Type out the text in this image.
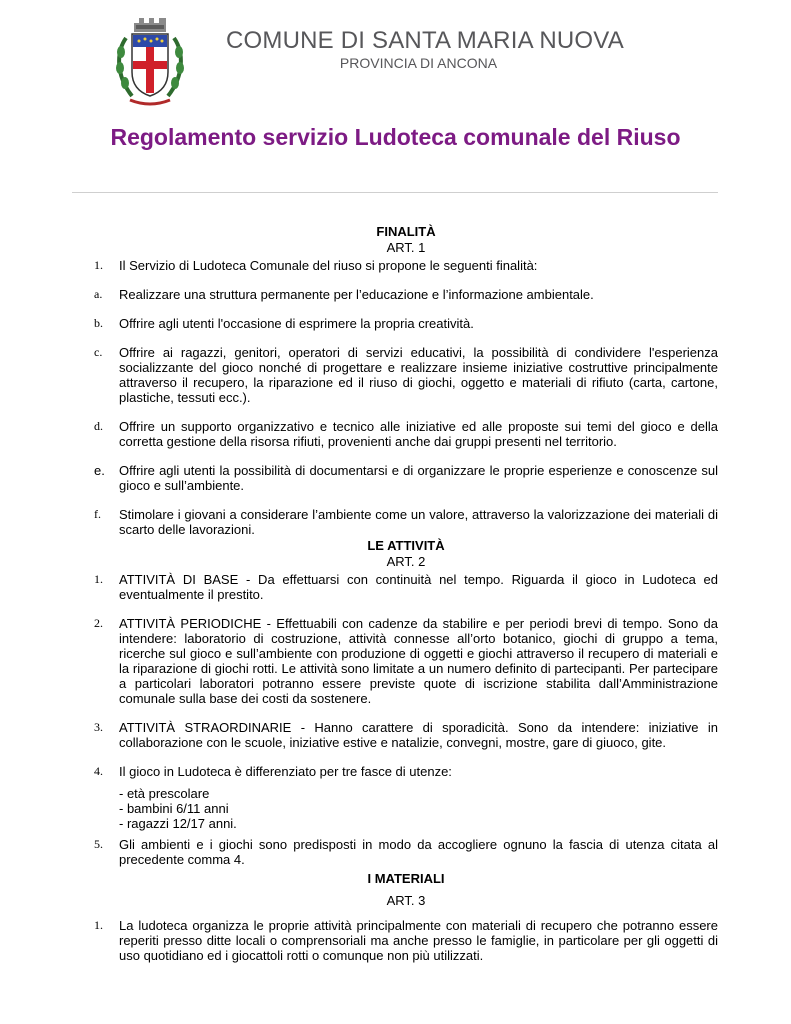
COMUNE DI SANTA MARIA NUOVA
PROVINCIA DI ANCONA
Regolamento servizio Ludoteca comunale del Riuso
FINALITÀ
ART. 1
1.	Il Servizio di Ludoteca Comunale del riuso si propone le seguenti finalità:
a.	Realizzare una struttura permanente per l’educazione e l’informazione ambientale.
b.	Offrire agli utenti l'occasione di esprimere la propria creatività.
c.	Offrire ai ragazzi, genitori, operatori di servizi educativi, la possibilità di condividere l'esperienza socializzante del gioco nonché di progettare e realizzare insieme iniziative costruttive principalmente attraverso il recupero, la riparazione ed il riuso di giochi, oggetto e materiali di rifiuto (carta, cartone, plastiche, tessuti ecc.).
d.	Offrire un supporto organizzativo e tecnico alle iniziative ed alle proposte sui temi del gioco e della corretta gestione della risorsa rifiuti, provenienti anche dai gruppi presenti nel territorio.
e.	Offrire agli utenti la possibilità di documentarsi e di organizzare le proprie esperienze e conoscenze sul gioco e sull’ambiente.
f.	Stimolare i giovani a considerare l’ambiente come un valore, attraverso la valorizzazione dei materiali di scarto delle lavorazioni.
LE ATTIVITÀ
ART. 2
1.	ATTIVITÀ DI BASE - Da effettuarsi con continuità nel tempo. Riguarda il gioco in Ludoteca ed eventualmente il prestito.
2.	ATTIVITÀ PERIODICHE - Effettuabili con cadenze da stabilire e per periodi brevi di tempo. Sono da intendere: laboratorio di costruzione, attività connesse all’orto botanico, giochi di gruppo a tema, ricerche sul gioco e sull’ambiente con produzione di oggetti e giochi attraverso il recupero di materiali e la riparazione di giochi rotti. Le attività sono limitate a un numero definito di partecipanti. Per partecipare a particolari laboratori potranno essere previste quote di iscrizione stabilita dall’Amministrazione comunale sulla base dei costi da sostenere.
3.	ATTIVITÀ STRAORDINARIE - Hanno carattere di sporadicità. Sono da intendere: iniziative in collaborazione con le scuole, iniziative estive e natalizie, convegni, mostre, gare di giuoco, gite.
4.	Il gioco in Ludoteca è differenziato per tre fasce di utenze:
- età prescolare
- bambini 6/11 anni
- ragazzi 12/17 anni.
5.	Gli ambienti e i giochi sono predisposti in modo da accogliere ognuno la fascia di utenza citata al precedente comma 4.
I MATERIALI
ART. 3
1.	La ludoteca organizza le proprie attività principalmente con materiali di recupero che potranno essere reperiti presso ditte locali o comprensoriali ma anche presso le famiglie, in particolare per gli oggetti di uso quotidiano ed i giocattoli rotti o comunque non più utilizzati.
